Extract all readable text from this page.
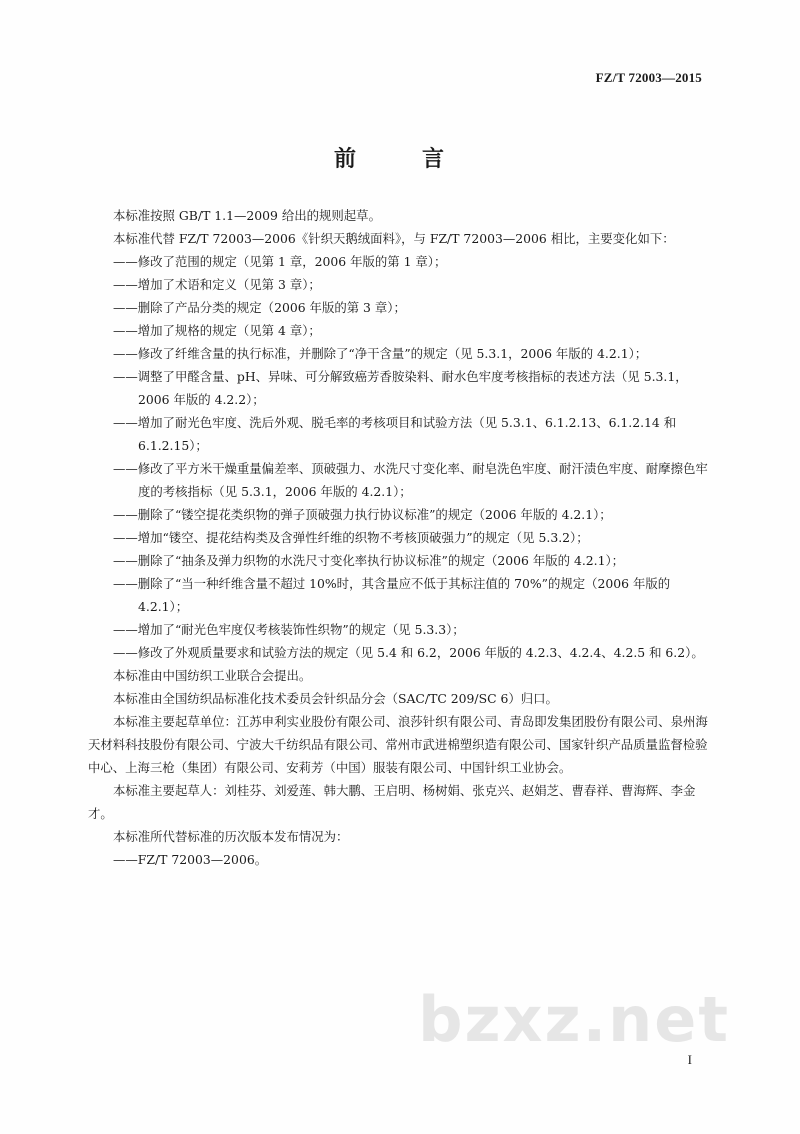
FZ/T 72003—2015
前　言

本标准按照 GB/T 1.1—2009 给出的规则起草。

本标准代替 FZ/T 72003—2006《针织天鹅绒面料》，与 FZ/T 72003—2006 相比，主要变化如下：

——修改了范围的规定（见第 1 章，2006 年版的第 1 章）；

——增加了术语和定义（见第 3 章）；

——删除了产品分类的规定（2006 年版的第 3 章）；

——增加了规格的规定（见第 4 章）；

——修改了纤维含量的执行标准，并删除了“净干含量”的规定（见 5.3.1，2006 年版的 4.2.1）；

——调整了甲醛含量、pH、异味、可分解致癌芳香胺染料、耐水色牢度考核指标的表述方法（见 5.3.1，2006 年版的 4.2.2）；

——增加了耐光色牢度、洗后外观、脱毛率的考核项目和试验方法（见 5.3.1、6.1.2.13、6.1.2.14 和 6.1.2.15）；

——修改了平方米干燥重量偏差率、顶破强力、水洗尺寸变化率、耐皂洗色牢度、耐汗渍色牢度、耐摩擦色牢度的考核指标（见 5.3.1，2006 年版的 4.2.1）；

——删除了“镂空提花类织物的弹子顶破强力执行协议标准”的规定（2006 年版的 4.2.1）；

——增加“镂空、提花结构类及含弹性纤维的织物不考核顶破强力”的规定（见 5.3.2）；

——删除了“抽条及弹力织物的水洗尺寸变化率执行协议标准”的规定（2006 年版的 4.2.1）；

——删除了“当一种纤维含量不超过 10%时，其含量应不低于其标注值的 70%”的规定（2006 年版的 4.2.1）；

——增加了“耐光色牢度仅考核装饰性织物”的规定（见 5.3.3）；

——修改了外观质量要求和试验方法的规定（见 5.4 和 6.2，2006 年版的 4.2.3、4.2.4、4.2.5 和 6.2）。

本标准由中国纺织工业联合会提出。

本标准由全国纺织品标准化技术委员会针织品分会（SAC/TC 209/SC 6）归口。

本标准主要起草单位：江苏申利实业股份有限公司、浪莎针织有限公司、青岛即发集团股份有限公司、泉州海天材料科技股份有限公司、宁波大千纺织品有限公司、常州市武进棉塑织造有限公司、国家针织产品质量监督检验中心、上海三枪（集团）有限公司、安莉芳（中国）服装有限公司、中国针织工业协会。

本标准主要起草人：刘桂芬、刘爱莲、韩大鹏、王启明、杨树娟、张克兴、赵娟芝、曹春祥、曹海辉、李金才。

本标准所代替标准的历次版本发布情况为：

——FZ/T 72003—2006。

bzxz.net
I
